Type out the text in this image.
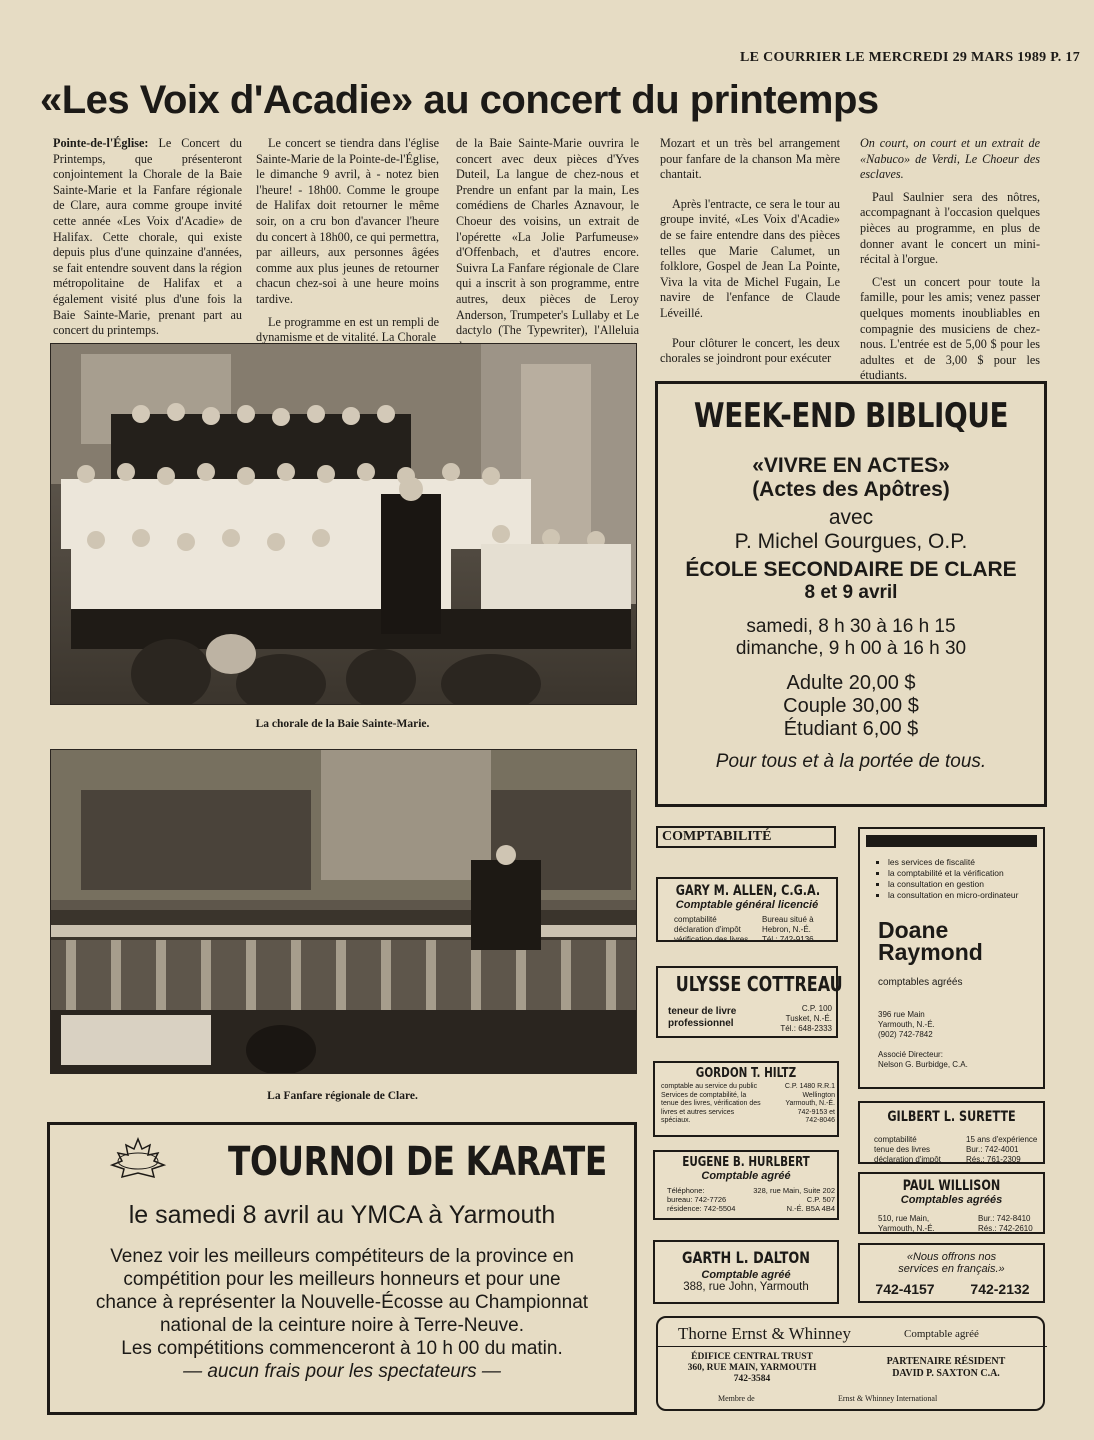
LE COURRIER LE MERCREDI 29 MARS 1989 P. 17
«Les Voix d'Acadie» au concert du printemps

Pointe-de-l'Église: Le Concert du Printemps, que présenteront conjointement la Chorale de la Baie Sainte-Marie et la Fanfare régionale de Clare, aura comme groupe invité cette année «Les Voix d'Acadie» de Halifax. Cette chorale, qui existe depuis plus d'une quinzaine d'années, se fait entendre souvent dans la région métropolitaine de Halifax et a également visité plus d'une fois la Baie Sainte-Marie, prenant part au concert du printemps.

Le concert se tiendra dans l'église Sainte-Marie de la Pointe-de-l'Église, le dimanche 9 avril, à - notez bien l'heure! - 18h00. Comme le groupe de Halifax doit retourner le même soir, on a cru bon d'avancer l'heure du concert à 18h00, ce qui permettra, par ailleurs, aux personnes âgées comme aux plus jeunes de retourner chacun chez-soi à une heure moins tardive.

Le programme en est un rempli de dynamisme et de vitalité. La Chorale

de la Baie Sainte-Marie ouvrira le concert avec deux pièces d'Yves Duteil, La langue de chez-nous et Prendre un enfant par la main, Les comédiens de Charles Aznavour, le Choeur des voisins, un extrait de l'opérette «La Jolie Parfumeuse» d'Offenbach, et d'autres encore. Suivra La Fanfare régionale de Clare qui a inscrit à son programme, entre autres, deux pièces de Leroy Anderson, Trumpeter's Lullaby et Le dactylo (The Typewriter), l'Alleluia

Mozart et un très bel arrangement pour fanfare de la chanson Ma mère chantait.

Après l'entracte, ce sera le tour au groupe invité, «Les Voix d'Acadie» de se faire entendre dans des pièces telles que Marie Calumet, un folklore, Gospel de Jean La Pointe, Viva la vita de Michel Fugain, Le navire de l'enfance de Claude Léveillé.

Pour clôturer le concert, les deux chorales se joindront pour exécuter

On court, on court et un extrait de «Nabuco» de Verdi, Le Choeur des esclaves.

Paul Saulnier sera des nôtres, accompagnant à l'occasion quelques pièces au programme, en plus de donner avant le concert un mini-récital à l'orgue.

C'est un concert pour toute la famille, pour les amis; venez passer quelques moments inoubliables en compagnie des musiciens de chez-nous. L'entrée est de 5,00 $ pour les adultes et de 3,00 $ pour les étudiants.

La chorale de la Baie Sainte-Marie.
La Fanfare régionale de Clare.
WEEK-END BIBLIQUE
«VIVRE EN ACTES»
(Actes des Apôtres)
avec
P. Michel Gourgues, O.P.
ÉCOLE SECONDAIRE DE CLARE
8 et 9 avril
samedi, 8 h 30 à 16 h 15
dimanche, 9 h 00 à 16 h 30
Adulte 20,00 $
Couple 30,00 $
Étudiant 6,00 $
Pour tous et à la portée de tous.
COMPTABILITÉ
GARY M. ALLEN, C.G.A.
Comptable général licencié
comptabilité
déclaration d'impôt
vérification des livres
Bureau situé à
Hebron, N.-É.
Tél.: 742-9136
ULYSSE COTTREAU
teneur de livre
professionnel
C.P. 100
Tusket, N.-É.
Tél.: 648-2333
GORDON T. HILTZ
comptable au service du public
Services de comptabilité, la tenue des livres, vérification des livres et autres services spéciaux.
C.P. 1480 R.R.1
Wellington
Yarmouth, N.-É.
742-9153 et
742-8046
EUGENE B. HURLBERT
Comptable agréé
Téléphone:
bureau: 742-7726
résidence: 742-5504
328, rue Main, Suite 202
C.P. 507
N.-É. B5A 4B4
GARTH L. DALTON
Comptable agréé
388, rue John, Yarmouth
▪ les services de fiscalité
▪ la comptabilité et la vérification
▪ la consultation en gestion
▪ la consultation en micro-ordinateur
Doane
Raymond
comptables agréés
396 rue Main
Yarmouth, N.-É.
(902) 742-7842
Associé Directeur:
Nelson G. Burbidge, C.A.
GILBERT L. SURETTE
comptabilité
tenue des livres
déclaration d'impôt
15 ans d'expérience
Bur.: 742-4001
Rés.: 761-2309
PAUL WILLISON
Comptables agréés
510, rue Main,
Yarmouth, N.-É.
Bur.: 742-8410
Rés.: 742-2610
«Nous offrons nos services en français.»
742-4157	742-2132
Thorne Ernst & Whinney	Comptable agréé
ÉDIFICE CENTRAL TRUST
360, RUE MAIN, YARMOUTH
742-3584
PARTENAIRE RÉSIDENT
DAVID P. SAXTON C.A.
Membre de	Ernst & Whinney International
TOURNOI DE KARATE
le samedi 8 avril au YMCA à Yarmouth
Venez voir les meilleurs compétiteurs de la province en
compétition pour les meilleurs honneurs et pour une
chance à représenter la Nouvelle-Écosse au Championnat
national de la ceinture noire à Terre-Neuve.
Les compétitions commenceront à 10 h 00 du matin.
— aucun frais pour les spectateurs —
